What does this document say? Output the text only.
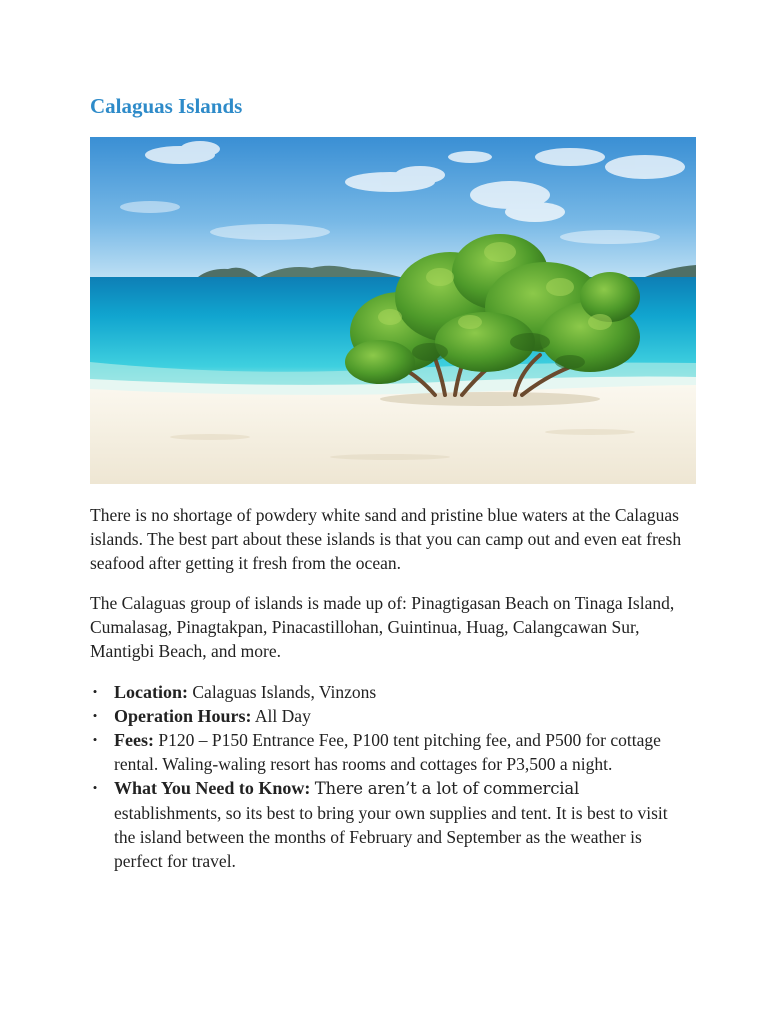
Calaguas Islands

There is no shortage of powdery white sand and pristine blue waters at the Calaguas islands. The best part about these islands is that you can camp out and even eat fresh seafood after getting it fresh from the ocean.

The Calaguas group of islands is made up of: Pinagtigasan Beach on Tinaga Island, Cumalasag, Pinagtakpan, Pinacastillohan, Guintinua, Huag, Calangcawan Sur, Mantigbi Beach, and more.

• Location: Calaguas Islands, Vinzons
• Operation Hours: All Day
• Fees: P120 – P150 Entrance Fee, P100 tent pitching fee, and P500 for cottage rental. Waling-waling resort has rooms and cottages for P3,500 a night.
• What You Need to Know: There aren’t a lot of commercial establishments, so its best to bring your own supplies and tent. It is best to visit the island between the months of February and September as the weather is perfect for travel.
